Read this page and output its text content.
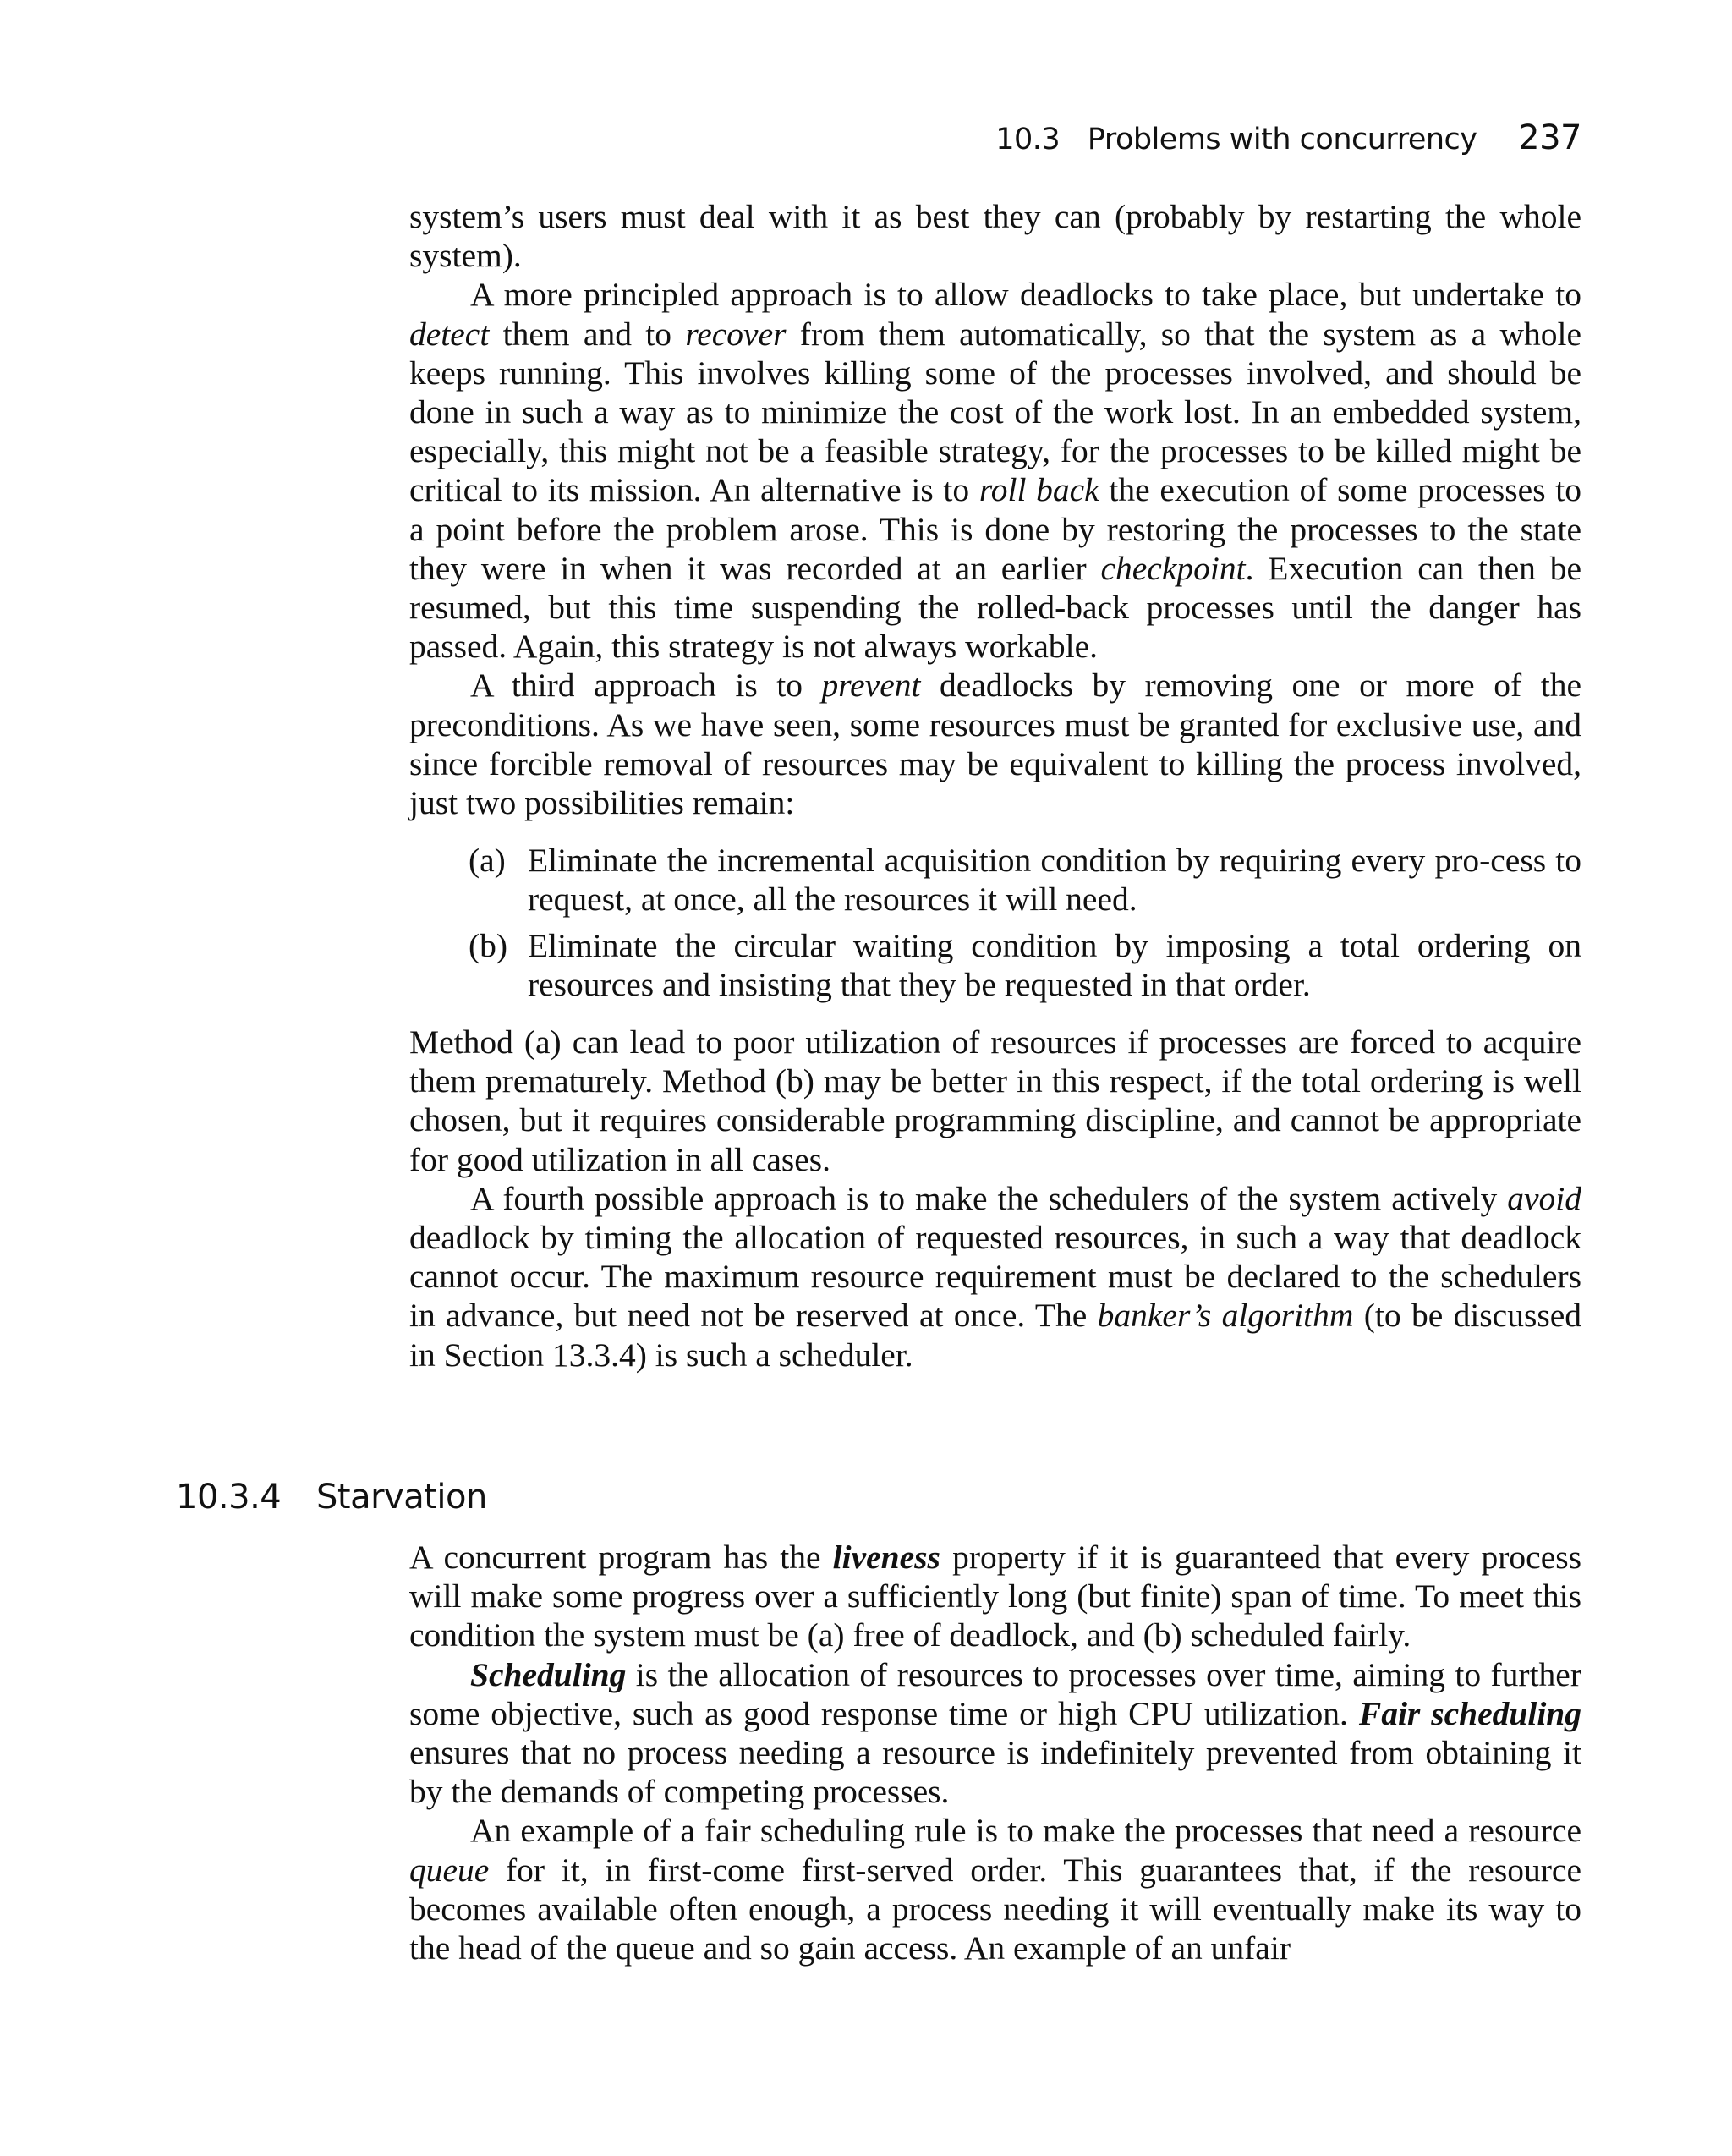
10.3 Problems with concurrency 237

system’s users must deal with it as best they can (probably by restarting the whole system).

A more principled approach is to allow deadlocks to take place, but undertake to detect them and to recover from them automatically, so that the system as a whole keeps running. This involves killing some of the processes involved, and should be done in such a way as to minimize the cost of the work lost. In an embedded system, especially, this might not be a feasible strategy, for the processes to be killed might be critical to its mission. An alternative is to roll back the execution of some processes to a point before the problem arose. This is done by restoring the processes to the state they were in when it was recorded at an earlier checkpoint. Execution can then be resumed, but this time suspending the rolled-back processes until the danger has passed. Again, this strategy is not always workable.

A third approach is to prevent deadlocks by removing one or more of the preconditions. As we have seen, some resources must be granted for exclusive use, and since forcible removal of resources may be equivalent to killing the process involved, just two possibilities remain:

(a) Eliminate the incremental acquisition condition by requiring every pro-cess to request, at once, all the resources it will need.
(b) Eliminate the circular waiting condition by imposing a total ordering on resources and insisting that they be requested in that order.

Method (a) can lead to poor utilization of resources if processes are forced to acquire them prematurely. Method (b) may be better in this respect, if the total ordering is well chosen, but it requires considerable programming discipline, and cannot be appropriate for good utilization in all cases.

A fourth possible approach is to make the schedulers of the system actively avoid deadlock by timing the allocation of requested resources, in such a way that deadlock cannot occur. The maximum resource requirement must be declared to the schedulers in advance, but need not be reserved at once. The banker’s algorithm (to be discussed in Section 13.3.4) is such a scheduler.

10.3.4 Starvation

A concurrent program has the liveness property if it is guaranteed that every process will make some progress over a sufficiently long (but finite) span of time. To meet this condition the system must be (a) free of deadlock, and (b) scheduled fairly.

Scheduling is the allocation of resources to processes over time, aiming to further some objective, such as good response time or high CPU utilization. Fair scheduling ensures that no process needing a resource is indefinitely prevented from obtaining it by the demands of competing processes.

An example of a fair scheduling rule is to make the processes that need a resource queue for it, in first-come first-served order. This guarantees that, if the resource becomes available often enough, a process needing it will eventually make its way to the head of the queue and so gain access. An example of an unfair
